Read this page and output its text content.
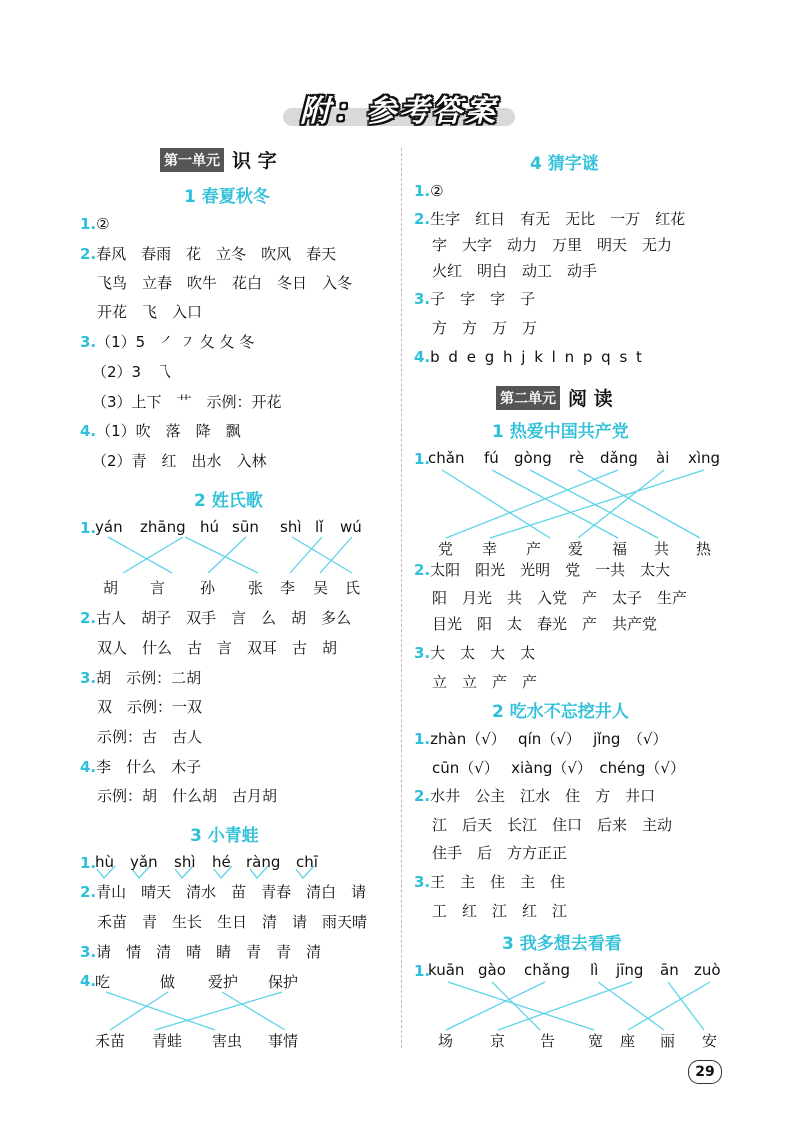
附：参考答案
第一单元 识 字
1 春夏秋冬
1.②
2.春风　春雨　花　立冬　吹风　春天
飞鸟　立春　吹牛　花白　冬日　入冬
开花　飞　入口
3.（1）5　㇒ ㇇ 夂 夂 冬
（2）3　乁
（3）上下　艹　示例：开花
4.（1）吹　落　降　飘
（2）青　红　出水　入林
2 姓氏歌
1.
yán zhāng hú sūn shì lǐ wú
胡 言 孙 张 李 吴 氏
2.古人　胡子　双手　言　么　胡　多么
双人　什么　古　言　双耳　古　胡
3.胡　示例：二胡
双　示例：一双
示例：古　古人
4.李　什么　木子
示例：胡　什么胡　古月胡
3 小青蛙
1.
hù yǎn shì hé ràng chī
2.青山　晴天　清水　苗　青春　清白　请
禾苗　青　生长　生日　清　请　雨天晴
3.请　情　清　晴　睛　青　青　清
4.
吃	做 爱护 保护
禾苗 青蛙 害虫 事情
4 猜字谜
1.②
2.生字　红日　有无　无比　一万　红花
字　大字　动力　万里　明天　无力
火红　明白　动工　动手
3.子　字　字　子
方　方　万　万
4.b d e g h j k l n p q s t
第二单元 阅 读
1 热爱中国共产党
1.
chǎn fú gòng rè dǎng ài xìng
党 幸 产 爱 福 共 热
2.太阳　阳光　光明　党　一共　太大
阳　月光　共　入党　产　太子　生产
目光　阳　太　春光　产　共产党
3.大　太　大　太
立　立　产　产
2 吃水不忘挖井人
1.zhàn（√）　 qín（√）　 jǐng　（√）
cūn（√）　 xiàng（√）　chéng（√）
2.水井　公主　江水　住　方　井口
江　后天　长江　住口　后来　主动
住手　后　方方正正
3.王　主　住　主　住
工　红　江　红　江
3 我多想去看看
1.
kuān gào chǎng lì jīng ān zuò
场 京 告 宽 座 丽 安
29
